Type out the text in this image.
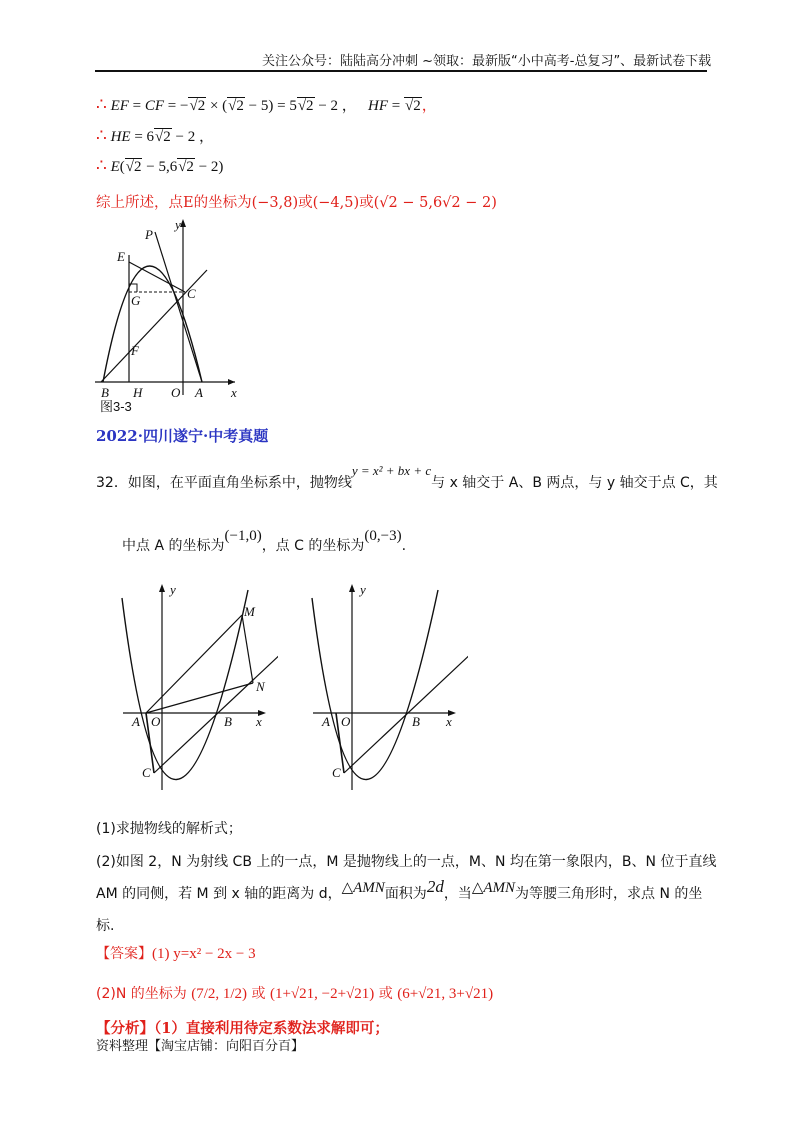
关注公众号：陆陆高分冲刺 ~领取：最新版“小中高考-总复习”、最新试卷下载
∴ EF = CF = −√2 × (√2 − 5) = 5√2 − 2 ，   HF = √2，
∴ HE = 6√2 − 2 ，
∴ E(√2 − 5,6√2 − 2)
综上所述，点E的坐标为(−3,8)或(−4,5)或(√2 − 5,6√2 − 2)
y
x
P
E
G	C
F
B H O A
图3-3
2022·四川遂宁·中考真题
32．如图，在平面直角坐标系中，抛物线y = x² + bx + c与 x 轴交于 A、B 两点，与 y 轴交于点 C，其
中点 A 的坐标为(−1,0)，点 C 的坐标为(0,−3).
y
x
A O	B
C
M
N
y
x
A O	B
C
(1)求抛物线的解析式；
(2)如图 2，N 为射线 CB 上的一点，M 是抛物线上的一点，M、N 均在第一象限内，B、N 位于直线
AM 的同侧，若 M 到 x 轴的距离为 d，△AMN面积为2d，当△AMN为等腰三角形时，求点 N 的坐
标.
【答案】(1) y=x² − 2x − 3
(2)N 的坐标为 (7/2, 1/2) 或 (1+√21, −2+√21) 或 (6+√21, 3+√21)
【分析】（1）直接利用待定系数法求解即可；
资料整理【淘宝店铺：向阳百分百】
